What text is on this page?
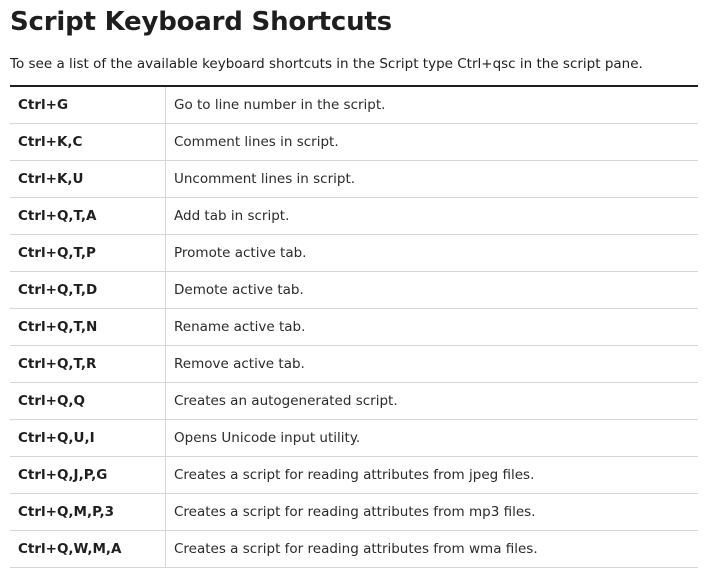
Script Keyboard Shortcuts

To see a list of the available keyboard shortcuts in the Script type Ctrl+qsc in the script pane.

Ctrl+G	Go to line number in the script.
Ctrl+K,C	Comment lines in script.
Ctrl+K,U	Uncomment lines in script.
Ctrl+Q,T,A	Add tab in script.
Ctrl+Q,T,P	Promote active tab.
Ctrl+Q,T,D	Demote active tab.
Ctrl+Q,T,N	Rename active tab.
Ctrl+Q,T,R	Remove active tab.
Ctrl+Q,Q	Creates an autogenerated script.
Ctrl+Q,U,I	Opens Unicode input utility.
Ctrl+Q,J,P,G	Creates a script for reading attributes from jpeg files.
Ctrl+Q,M,P,3	Creates a script for reading attributes from mp3 files.
Ctrl+Q,W,M,A	Creates a script for reading attributes from wma files.
